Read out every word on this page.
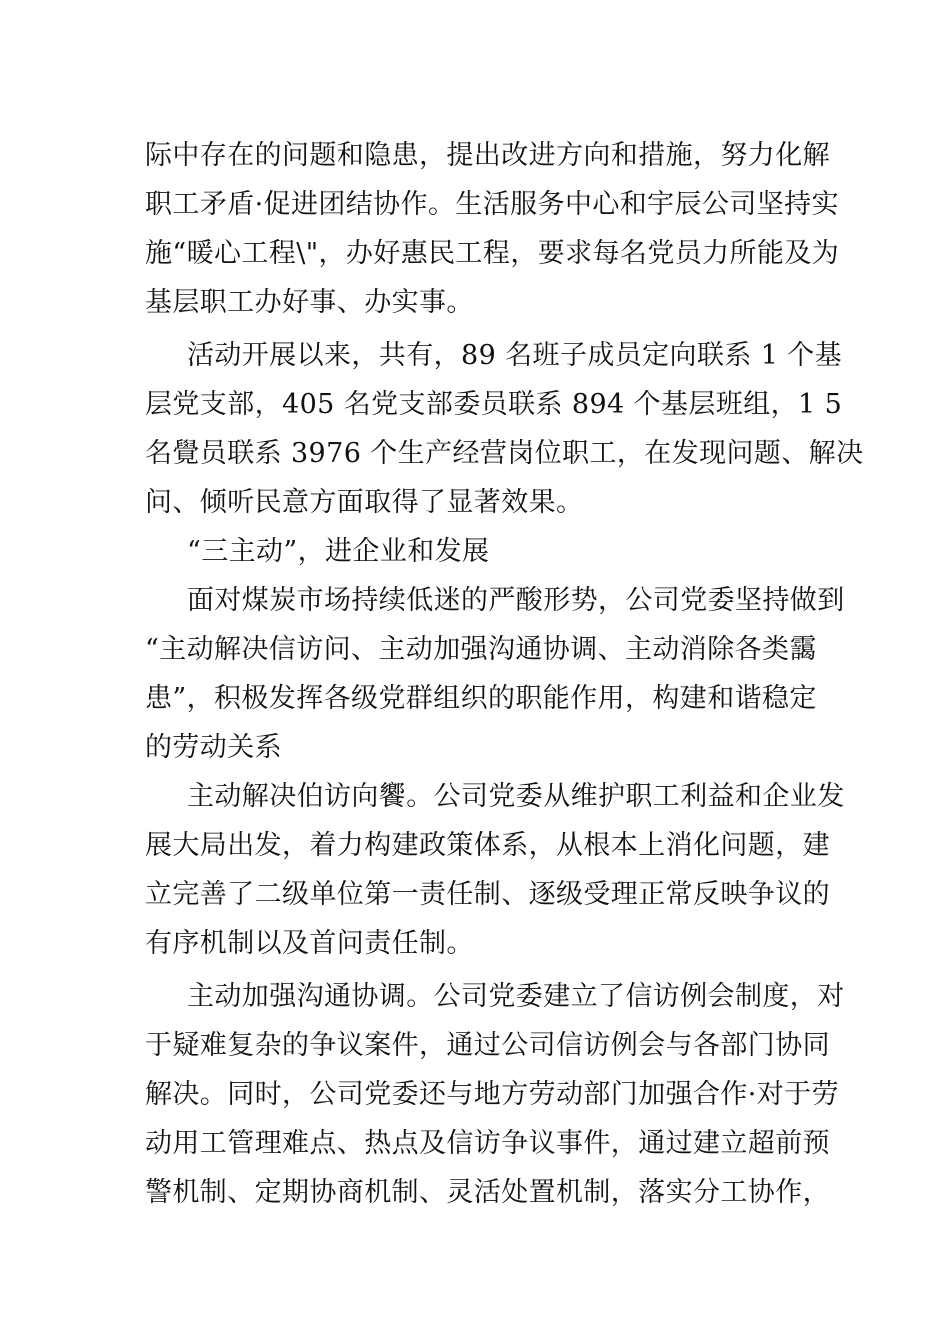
际中存在的问题和隐患，提出改进方向和措施，努力化解
职工矛盾·促进团结协作。生活服务中心和宇辰公司坚持实
施“暖心工程\"，办好惠民工程，要求每名党员力所能及为
基层职工办好事、办实事。
活动开展以来，共有，89 名班子成员定向联系 1 个基
层党支部，405 名党支部委员联系 894 个基层班组，1 5
名覺员联系 3976 个生产经营岗位职工，在发现问题、解决
问、倾听民意方面取得了显著效果。
“三主动”，进企业和发展
面对煤炭市场持续低迷的严酸形势，公司党委坚持做到
“主动解决信访问、主动加强沟通协调、主动消除各类靄
患”，积极发挥各级党群组织的职能作用，构建和谐稳定
的劳动关系
主动解决伯访向饗。公司党委从维护职工利益和企业发
展大局出发，着力构建政策体系，从根本上消化问题，建
立完善了二级单位第一责任制、逐级受理正常反映争议的
有序机制以及首问责任制。
主动加强沟通协调。公司党委建立了信访例会制度，对
于疑难复杂的争议案件，通过公司信访例会与各部门协同
解决。同时，公司党委还与地方劳动部门加强合作·对于劳
动用工管理难点、热点及信访争议事件，通过建立超前预
警机制、定期协商机制、灵活处置机制，落实分工协作，
